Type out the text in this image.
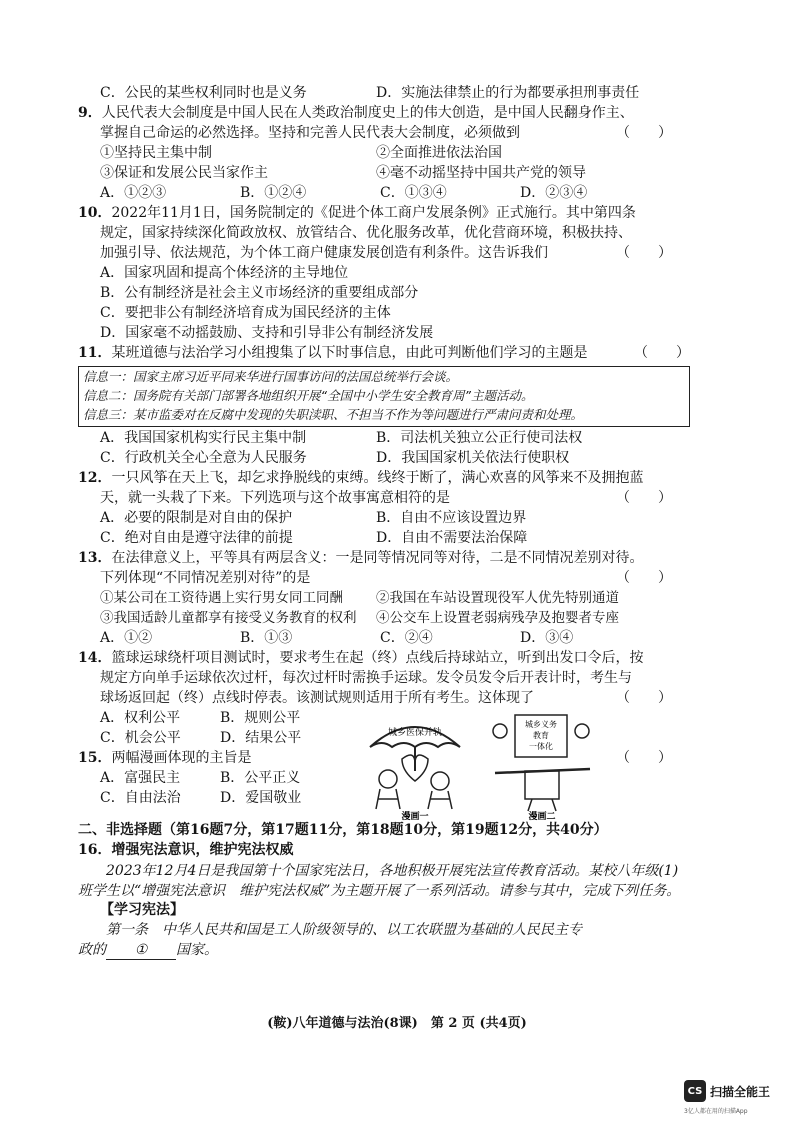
C．公民的某些权利同时也是义务	D．实施法律禁止的行为都要承担刑事责任
9．人民代表大会制度是中国人民在人类政治制度史上的伟大创造，是中国人民翻身作主、
掌握自己命运的必然选择。坚持和完善人民代表大会制度，必须做到	（　　）
①坚持民主集中制	②全面推进依法治国
③保证和发展公民当家作主	④毫不动摇坚持中国共产党的领导
A．①②③	B．①②④	C．①③④	D．②③④
10．2022年11月1日，国务院制定的《促进个体工商户发展条例》正式施行。其中第四条
规定，国家持续深化简政放权、放管结合、优化服务改革，优化营商环境，积极扶持、
加强引导、依法规范，为个体工商户健康发展创造有利条件。这告诉我们	（　　）
A．国家巩固和提高个体经济的主导地位
B．公有制经济是社会主义市场经济的重要组成部分
C．要把非公有制经济培育成为国民经济的主体
D．国家毫不动摇鼓励、支持和引导非公有制经济发展
11．某班道德与法治学习小组搜集了以下时事信息，由此可判断他们学习的主题是	（　　）
信息一：国家主席习近平同来华进行国事访问的法国总统举行会谈。
信息二：国务院有关部门部署各地组织开展“全国中小学生安全教育周”主题活动。
信息三：某市监委对在反腐中发现的失职渎职、不担当不作为等问题进行严肃问责和处理。
A．我国国家机构实行民主集中制	B．司法机关独立公正行使司法权
C．行政机关全心全意为人民服务	D．我国国家机关依法行使职权
12．一只风筝在天上飞，却乞求挣脱线的束缚。线终于断了，满心欢喜的风筝来不及拥抱蓝
天，就一头栽了下来。下列选项与这个故事寓意相符的是	（　　）
A．必要的限制是对自由的保护	B．自由不应该设置边界
C．绝对自由是遵守法律的前提	D．自由不需要法治保障
13．在法律意义上，平等具有两层含义：一是同等情况同等对待，二是不同情况差别对待。
下列体现“不同情况差别对待”的是	（　　）
①某公司在工资待遇上实行男女同工同酬	②我国在车站设置现役军人优先特别通道
③我国适龄儿童都享有接受义务教育的权利	④公交车上设置老弱病残孕及抱婴者专座
A．①②	B．①③	C．②④	D．③④
14．篮球运球绕杆项目测试时，要求考生在起（终）点线后持球站立，听到出发口令后，按
规定方向单手运球依次过杆，每次过杆时需换手运球。发令员发令后开表计时，考生与
球场返回起（终）点线时停表。该测试规则适用于所有考生。这体现了	（　　）
A．权利公平	B．规则公平
C．机会公平	D．结果公平
15．两幅漫画体现的主旨是	（　　）
A．富强民主	B．公平正义
C．自由法治	D．爱国敬业
城乡医保并轨
漫画一
城乡义务
教育
一体化
漫画二
二、非选择题（第16题7分，第17题11分，第18题10分，第19题12分，共40分）
16．增强宪法意识，维护宪法权威
2023年12月4日是我国第十个国家宪法日，各地积极开展宪法宣传教育活动。某校八年级(1)班学生以“增强宪法意识　维护宪法权威”为主题开展了一系列活动。请参与其中，完成下列任务。
【学习宪法】
第一条　中华人民共和国是工人阶级领导的、以工农联盟为基础的人民民主专
政的 ① 国家。
(鞍)八年道德与法治(8课)　第 2 页 (共4页)
CS 扫描全能王
3亿人都在用的扫描App
